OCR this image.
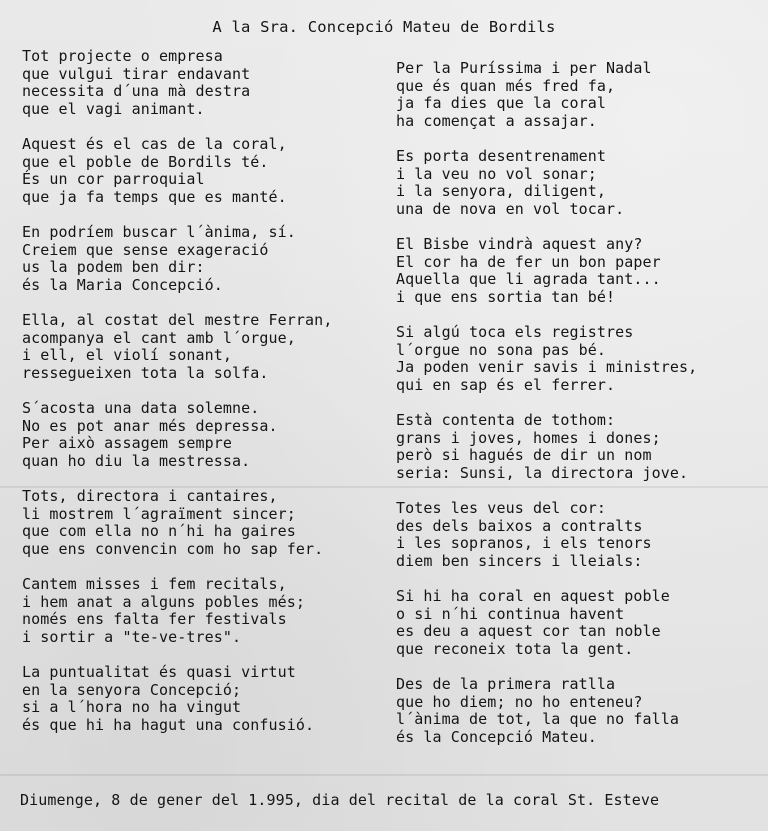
A la Sra. Concepció Mateu de Bordils
Tot projecte o empresa
que vulgui tirar endavant
necessita d´una mà destra
que el vagi animant.
Aquest és el cas de la coral,
que el poble de Bordils té.
És un cor parroquial
que ja fa temps que es manté.
En podríem buscar l´ànima, sí.
Creiem que sense exageració
us la podem ben dir:
és la Maria Concepció.
Ella, al costat del mestre Ferran,
acompanya el cant amb l´orgue,
i ell, el violí sonant,
ressegueixen tota la solfa.
S´acosta una data solemne.
No es pot anar més depressa.
Per això assagem sempre
quan ho diu la mestressa.
Tots, directora i cantaires,
li mostrem l´agraïment sincer;
que com ella no n´hi ha gaires
que ens convencin com ho sap fer.
Cantem misses i fem recitals,
i hem anat a alguns pobles més;
només ens falta fer festivals
i sortir a "te-ve-tres".
La puntualitat és quasi virtut
en la senyora Concepció;
si a l´hora no ha vingut
és que hi ha hagut una confusió.
Per la Puríssima i per Nadal
que és quan més fred fa,
ja fa dies que la coral
ha començat a assajar.
Es porta desentrenament
i la veu no vol sonar;
i la senyora, diligent,
una de nova en vol tocar.
El Bisbe vindrà aquest any?
El cor ha de fer un bon paper
Aquella que li agrada tant...
i que ens sortia tan bé!
Si algú toca els registres
l´orgue no sona pas bé.
Ja poden venir savis i ministres,
qui en sap és el ferrer.
Està contenta de tothom:
grans i joves, homes i dones;
però si hagués de dir un nom
seria: Sunsi, la directora jove.
Totes les veus del cor:
des dels baixos a contralts
i les sopranos, i els tenors
diem ben sincers i lleials:
Si hi ha coral en aquest poble
o si n´hi continua havent
es deu a aquest cor tan noble
que reconeix tota la gent.
Des de la primera ratlla
que ho diem; no ho enteneu?
l´ànima de tot, la que no falla
és la Concepció Mateu.
Diumenge, 8 de gener del 1.995, dia del recital de la coral St. Esteve
